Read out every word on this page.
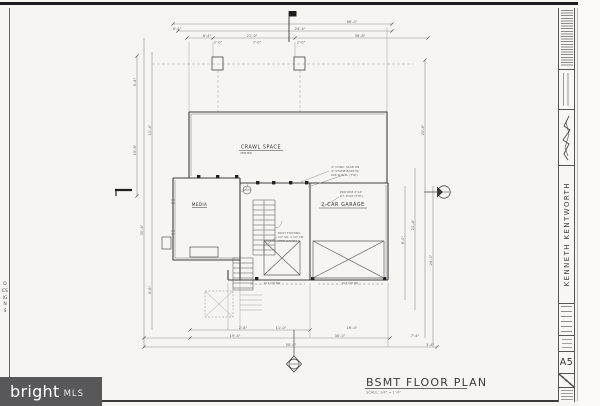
CRAWL SPACE
VENTED
MEDIA	2-CAR GARAGE
4" CONC. SLAB ON
4" STONE BASE W/
6x6 W.W.M. (TYP.)
PROVIDE 4"x4"
P.T. POST (TYP.)
POST FOOTING
24" SQ. x 12" DP.
(TYP. U.N.O.)
9x7 OH DR	9x7 OH DR
66'-0"
6'-4"	24'-4"
8'-4"	21'-0"	36'-8"
2'-0"	7'-0"	2'-0"
5'-4"
19'-8"
30'-8"
11'-4"
9'-8"
20'-8"
21'-4"
8'-0"
24'-0"
2'-8"	11'-0"	16'-0"
19'-4"	30'-0"	7'-4"
50'-0"	3'-4"
BSMT FLOOR PLAN
SCALE: 1/4" = 1'-0"
KENNETH KENTWORTH
A5
DESIGNS
bright MLS
